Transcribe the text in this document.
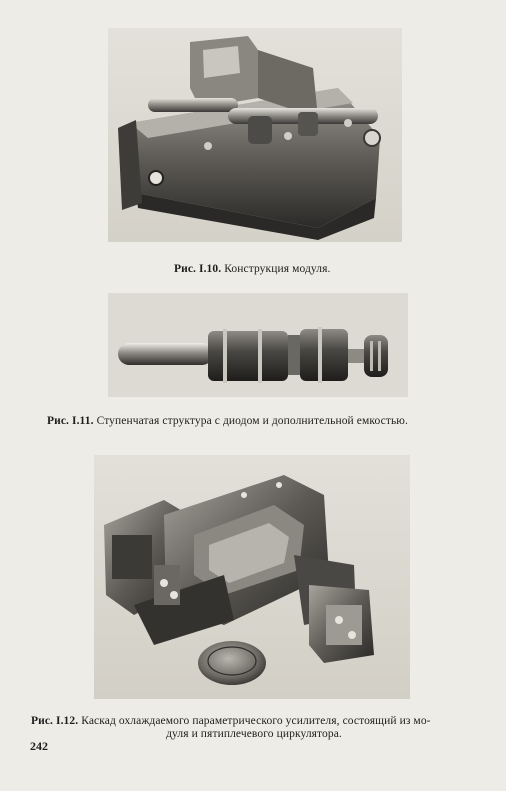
Рис. I.10. Конструкция модуля.
Рис. I.11. Ступенчатая структура с диодом и дополнительной емкостью.
Рис. I.12. Каскад охлаждаемого параметрического усилителя, состоящий из мо-
дуля и пятиплечевого циркулятора.
242
